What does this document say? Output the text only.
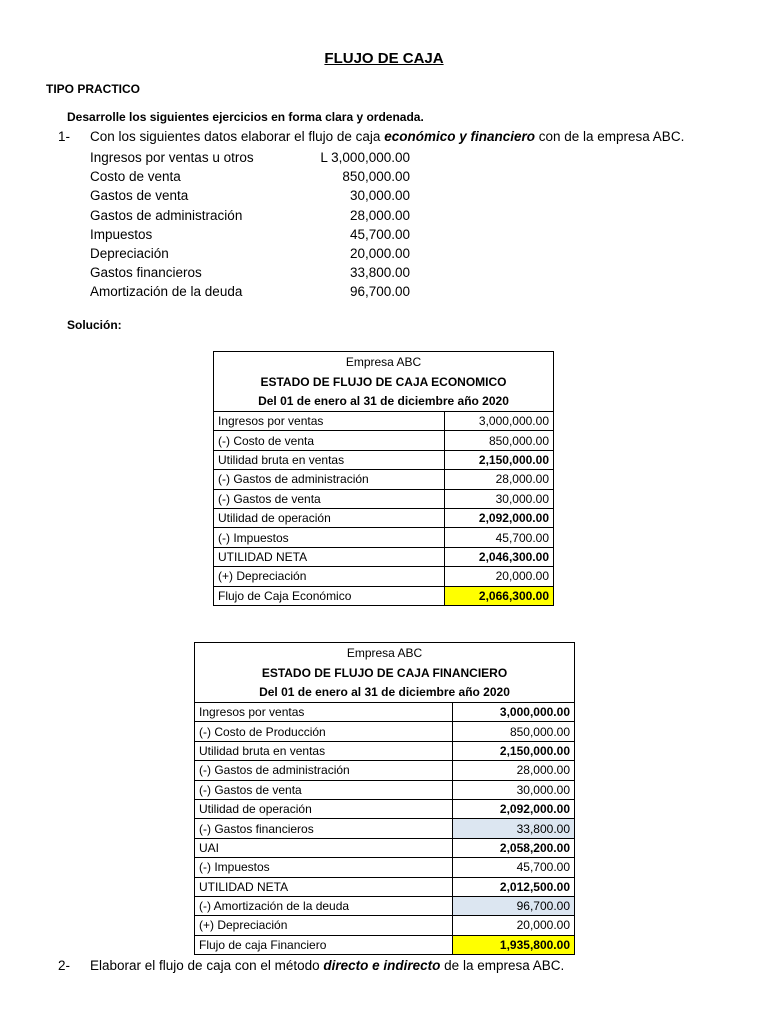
FLUJO DE CAJA
TIPO PRACTICO
Desarrolle los siguientes ejercicios en forma clara y ordenada.
1- Con los siguientes datos elaborar el flujo de caja económico y financiero con de la empresa ABC.
Ingresos por ventas u otros	L 3,000,000.00
Costo de venta	850,000.00
Gastos de venta	30,000.00
Gastos de administración	28,000.00
Impuestos	45,700.00
Depreciación	20,000.00
Gastos financieros	33,800.00
Amortización de la deuda	96,700.00
Solución:
Empresa ABC	
ESTADO DE FLUJO DE CAJA ECONOMICO	
Del 01 de enero al 31 de diciembre año 2020	
Ingresos por ventas	3,000,000.00
(-) Costo de venta	850,000.00
Utilidad bruta en ventas	2,150,000.00
(-) Gastos de administración	28,000.00
(-) Gastos de venta	30,000.00
Utilidad de operación	2,092,000.00
(-) Impuestos	45,700.00
UTILIDAD NETA	2,046,300.00
(+) Depreciación	20,000.00
Flujo de Caja Económico	2,066,300.00
Empresa ABC	
ESTADO DE FLUJO DE CAJA FINANCIERO	
Del 01 de enero al 31 de diciembre año 2020	
Ingresos por ventas	3,000,000.00
(-) Costo de Producción	850,000.00
Utilidad bruta en ventas	2,150,000.00
(-) Gastos de administración	28,000.00
(-) Gastos de venta	30,000.00
Utilidad de operación	2,092,000.00
(-) Gastos financieros	33,800.00
UAI	2,058,200.00
(-) Impuestos	45,700.00
UTILIDAD NETA	2,012,500.00
(-) Amortización de la deuda	96,700.00
(+) Depreciación	20,000.00
Flujo de caja Financiero	1,935,800.00
2- Elaborar el flujo de caja con el método directo e indirecto de la empresa ABC.
